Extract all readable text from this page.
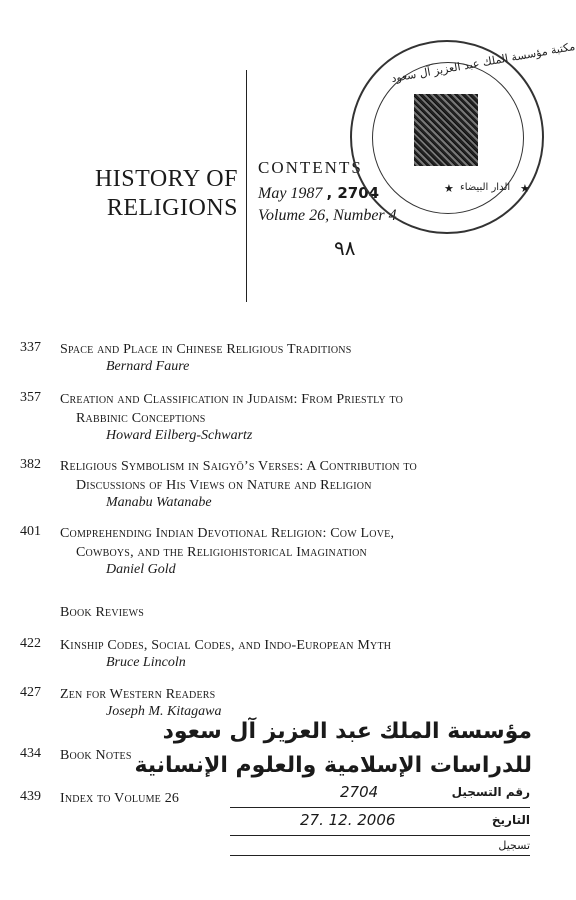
HISTORY OF
RELIGIONS
CONTENTS
May 1987 , 2704
Volume 26, Number 4
٩٨
مكتبة مؤسسة الملك عبد العزيز آل سعود
الدار البيضاء
★	★
337 Space and Place in Chinese Religious Traditions
Bernard Faure
357 Creation and Classification in Judaism: From Priestly to
Rabbinic Conceptions
Howard Eilberg-Schwartz
382 Religious Symbolism in Saigyō’s Verses: A Contribution to
Discussions of His Views on Nature and Religion
Manabu Watanabe
401 Comprehending Indian Devotional Religion: Cow Love,
Cowboys, and the Religiohistorical Imagination
Daniel Gold
Book Reviews
422 Kinship Codes, Social Codes, and Indo-European Myth
Bruce Lincoln
427 Zen for Western Readers
Joseph M. Kitagawa
434 Book Notes
439 Index to Volume 26
مؤسسة الملك عبد العزيز آل سعود
للدراسات الإسلامية والعلوم الإنسانية
2704	رقم التسجيل
27. 12. 2006	التاريخ
تسجيل
